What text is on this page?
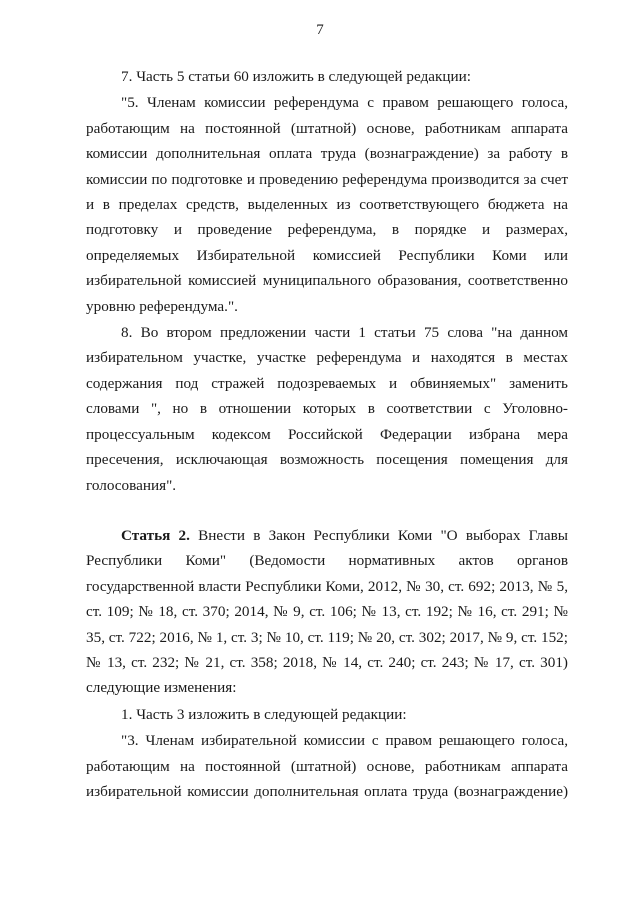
7

7. Часть 5 статьи 60 изложить в следующей редакции:

"5. Членам комиссии референдума с правом решающего голоса, работающим на постоянной (штатной) основе, работникам аппарата комиссии дополнительная оплата труда (вознаграждение) за работу в комиссии по подготовке и проведению референдума производится за счет и в пределах средств, выделенных из соответствующего бюджета на подготовку и проведение референдума, в порядке и размерах, определяемых Избирательной комиссией Республики Коми или избирательной комиссией муниципального образования, соответственно уровню референдума.".

8. Во втором предложении части 1 статьи 75 слова "на данном избирательном участке, участке референдума и находятся в местах содержания под стражей подозреваемых и обвиняемых" заменить словами ", но в отношении которых в соответствии с Уголовно-процессуальным кодексом Российской Федерации избрана мера пресечения, исключающая возможность посещения помещения для голосования".

Статья 2. Внести в Закон Республики Коми "О выборах Главы Республики Коми" (Ведомости нормативных актов органов государственной власти Республики Коми, 2012, № 30, ст. 692; 2013, № 5, ст. 109; № 18, ст. 370; 2014, № 9, ст. 106; № 13, ст. 192; № 16, ст. 291; № 35, ст. 722; 2016, № 1, ст. 3; № 10, ст. 119; № 20, ст. 302; 2017, № 9, ст. 152; № 13, ст. 232; № 21, ст. 358; 2018, № 14, ст. 240; ст. 243; № 17, ст. 301) следующие изменения:

1. Часть 3 изложить в следующей редакции:

"3. Членам избирательной комиссии с правом решающего голоса, работающим на постоянной (штатной) основе, работникам аппарата избирательной комиссии дополнительная оплата труда (вознаграждение)
